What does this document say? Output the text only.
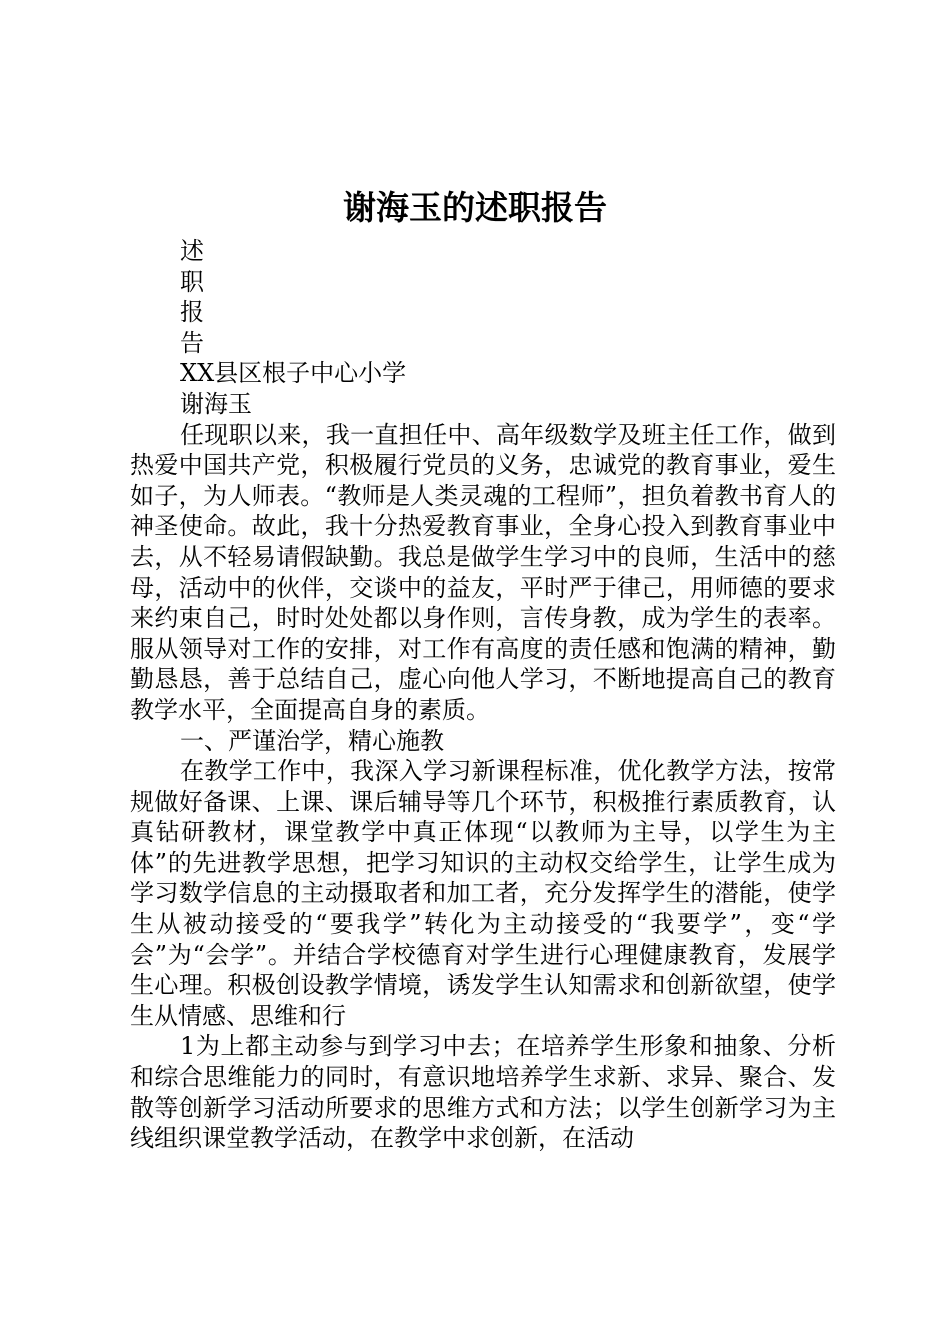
谢海玉的述职报告
述
职
报
告
XX县区根子中心小学
谢海玉

任现职以来，我一直担任中、高年级数学及班主任工作，做到热爱中国共产党，积极履行党员的义务，忠诚党的教育事业，爱生如子，为人师表。“教师是人类灵魂的工程师”，担负着教书育人的神圣使命。故此，我十分热爱教育事业，全身心投入到教育事业中去，从不轻易请假缺勤。我总是做学生学习中的良师，生活中的慈母，活动中的伙伴，交谈中的益友，平时严于律己，用师德的要求来约束自己，时时处处都以身作则，言传身教，成为学生的表率。服从领导对工作的安排，对工作有高度的责任感和饱满的精神，勤勤恳恳，善于总结自己，虚心向他人学习，不断地提高自己的教育教学水平，全面提高自身的素质。

一、严谨治学，精心施教

在教学工作中，我深入学习新课程标准，优化教学方法，按常规做好备课、上课、课后辅导等几个环节，积极推行素质教育，认真钻研教材，课堂教学中真正体现“以教师为主导，以学生为主体”的先进教学思想，把学习知识的主动权交给学生，让学生成为学习数学信息的主动摄取者和加工者，充分发挥学生的潜能，使学生从被动接受的“要我学”转化为主动接受的“我要学”，变“学会”为“会学”。并结合学校德育对学生进行心理健康教育，发展学生心理。积极创设教学情境，诱发学生认知需求和创新欲望，使学生从情感、思维和行

1为上都主动参与到学习中去；在培养学生形象和抽象、分析和综合思维能力的同时，有意识地培养学生求新、求异、聚合、发散等创新学习活动所要求的思维方式和方法；以学生创新学习为主线组织课堂教学活动，在教学中求创新，在活动
